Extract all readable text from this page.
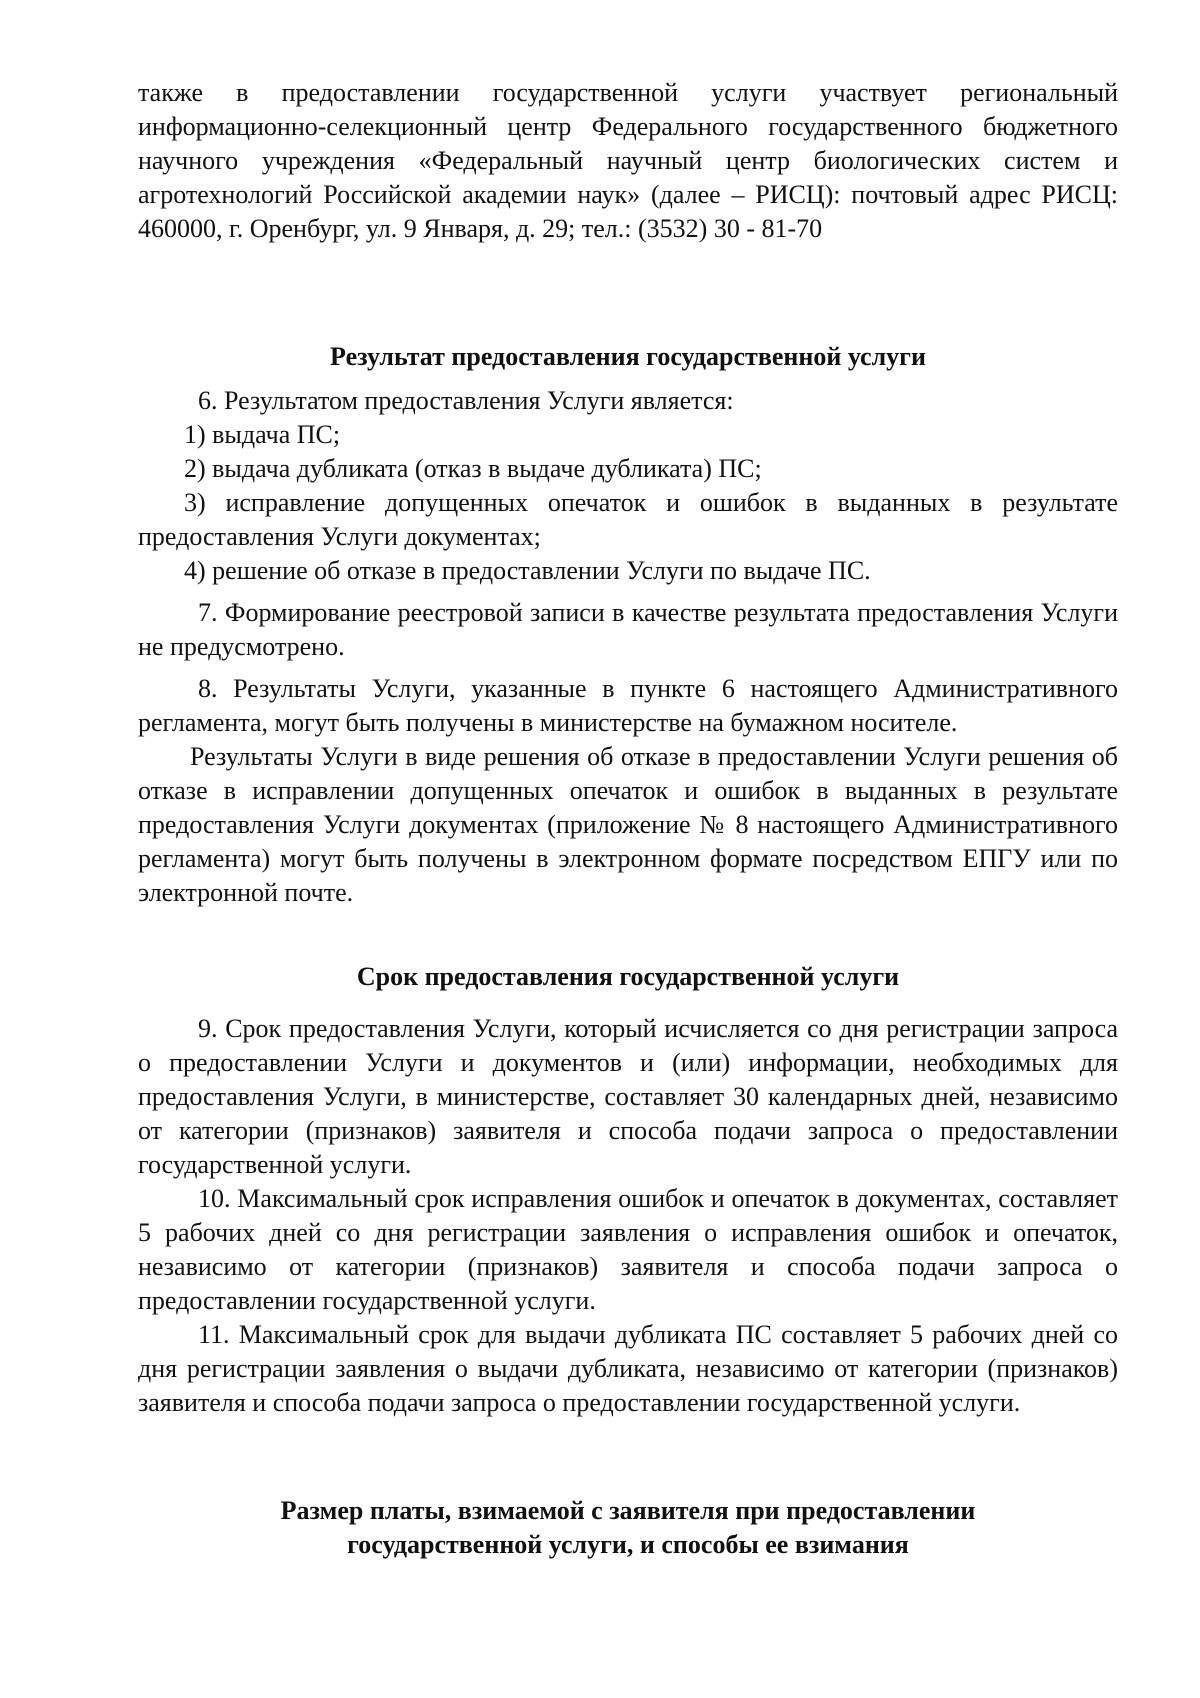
также в предоставлении государственной услуги участвует региональный информационно-селекционный центр Федерального государственного бюджетного научного учреждения «Федеральный научный центр биологических систем и агротехнологий Российской академии наук» (далее – РИСЦ): почтовый адрес РИСЦ: 460000, г. Оренбург, ул. 9 Января, д. 29; тел.: (3532) 30 - 81-70

Результат предоставления государственной услуги

6. Результатом предоставления Услуги является:

1) выдача ПС;

2) выдача дубликата (отказ в выдаче дубликата) ПС;

3) исправление допущенных опечаток и ошибок в выданных в результате предоставления Услуги документах;

4) решение об отказе в предоставлении Услуги по выдаче ПС.

7. Формирование реестровой записи в качестве результата предоставления Услуги не предусмотрено.

8. Результаты Услуги, указанные в пункте 6 настоящего Административного регламента, могут быть получены в министерстве на бумажном носителе.

Результаты Услуги в виде решения об отказе в предоставлении Услуги решения об отказе в исправлении допущенных опечаток и ошибок в выданных в результате предоставления Услуги документах (приложение № 8 настоящего Административного регламента) могут быть получены в электронном формате посредством ЕПГУ или по электронной почте.

Срок предоставления государственной услуги

9. Срок предоставления Услуги, который исчисляется со дня регистрации запроса о предоставлении Услуги и документов и (или) информации, необходимых для предоставления Услуги, в министерстве, составляет 30 календарных дней, независимо от категории (признаков) заявителя и способа подачи запроса о предоставлении государственной услуги.

10. Максимальный срок исправления ошибок и опечаток в документах, составляет 5 рабочих дней со дня регистрации заявления о исправления ошибок и опечаток, независимо от категории (признаков) заявителя и способа подачи запроса о предоставлении государственной услуги.

11. Максимальный срок для выдачи дубликата ПС составляет 5 рабочих дней со дня регистрации заявления о выдачи дубликата, независимо от категории (признаков) заявителя и способа подачи запроса о предоставлении государственной услуги.

Размер платы, взимаемой с заявителя при предоставлении

государственной услуги, и способы ее взимания
